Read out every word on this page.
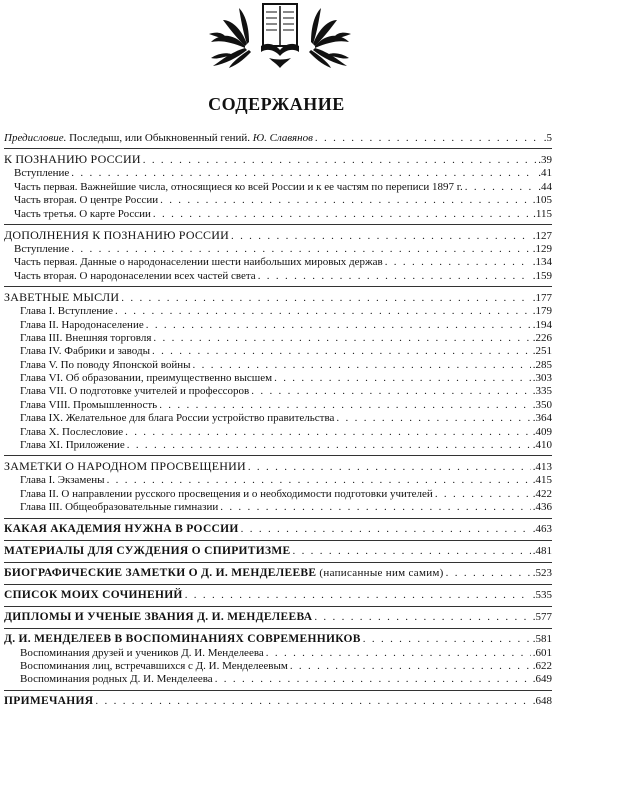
СОДЕРЖАНИЕ
Предисловие. Последыш, или Обыкновенный гений. Ю. Славянов . . .	.5
К ПОЗНАНИЮ РОССИИ . . .	.39
Вступление . . .	.41
Часть первая. Важнейшие числа, относящиеся ко всей России и к ее частям по переписи 1897 г. . . .	.44
Часть вторая. О центре России . . .	.105
Часть третья. О карте России . . .	.115
ДОПОЛНЕНИЯ К ПОЗНАНИЮ РОССИИ . . .	.127
Вступление . . .	.129
Часть первая. Данные о народонаселении шести наибольших мировых держав . . .	.134
Часть вторая. О народонаселении всех частей света . . .	.159
ЗАВЕТНЫЕ МЫСЛИ . . .	.177
Глава I. Вступление . . .	.179
Глава II. Народонаселение . . .	.194
Глава III. Внешняя торговля . . .	.226
Глава IV. Фабрики и заводы . . .	.251
Глава V. По поводу Японской войны . . .	.285
Глава VI. Об образовании, преимущественно высшем . . .	.303
Глава VII. О подготовке учителей и профессоров . . .	.335
Глава VIII. Промышленность . . .	.350
Глава IX. Желательное для блага России устройство правительства . . .	.364
Глава X. Послесловие . . .	.409
Глава XI. Приложение . . .	.410
ЗАМЕТКИ О НАРОДНОМ ПРОСВЕЩЕНИИ . . .	.413
Глава I. Экзамены . . .	.415
Глава II. О направлении русского просвещения и о необходимости подготовки учителей . . .	.422
Глава III. Общеобразовательные гимназии . . .	.436
КАКАЯ АКАДЕМИЯ НУЖНА В РОССИИ . . .	.463
МАТЕРИАЛЫ ДЛЯ СУЖДЕНИЯ О СПИРИТИЗМЕ . . .	.481
БИОГРАФИЧЕСКИЕ ЗАМЕТКИ О Д. И. МЕНДЕЛЕЕВЕ (написанные ним самим) . . .	.523
СПИСОК МОИХ СОЧИНЕНИЙ . . .	.535
ДИПЛОМЫ И УЧЕНЫЕ ЗВАНИЯ Д. И. МЕНДЕЛЕЕВА . . .	.577
Д. И. МЕНДЕЛЕЕВ В ВОСПОМИНАНИЯХ СОВРЕМЕННИКОВ . . .	.581
Воспоминания друзей и учеников Д. И. Менделеева . . .	.601
Воспоминания лиц, встречавшихся с Д. И. Менделеевым . . .	.622
Воспоминания родных Д. И. Менделеева . . .	.649
ПРИМЕЧАНИЯ . . .	.648
